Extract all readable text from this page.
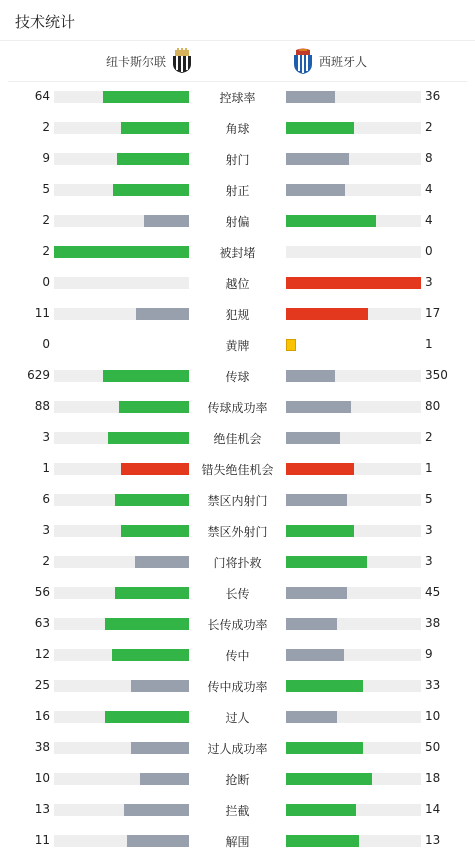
技术统计
纽卡斯尔联	西班牙人
64	控球率	36
2	角球	2
9	射门	8
5	射正	4
2	射偏	4
2	被封堵	0
0	越位	3
11	犯规	17
0	黄牌	1
629	传球	350
88	传球成功率	80
3	绝佳机会	2
1	错失绝佳机会	1
6	禁区内射门	5
3	禁区外射门	3
2	门将扑救	3
56	长传	45
63	长传成功率	38
12	传中	9
25	传中成功率	33
16	过人	10
38	过人成功率	50
10	抢断	18
13	拦截	14
11	解围	13
